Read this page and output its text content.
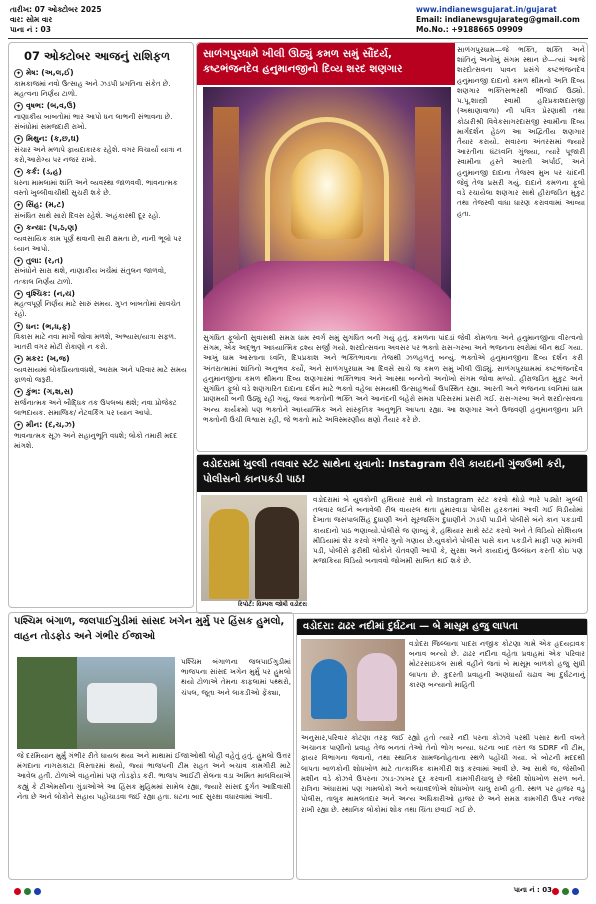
તારીખ: 07 ઓક્ટોબર 2025
વાર: સોમ વાર
પાના નં : 03
www.indianewsgujarat.in/gujarat
Email: indianewsgujarateg@gmail.com
Mo.No.: +9188665 09909
07 ઓક્ટોબર આજનું રાશિફળ
✦ મેષ: (અ,લ,ઈ)
કામકાજમાં નવો ઉત્સાહ અને ઝડપી પ્રગતિના સંકેત છે. મહત્વના નિર્ણય ટાળો.
✦ વૃષભ: (બ,વ,ઉ)
નાણાકીય બાબતોમાં ભાર આપો ધન લાભની સંભાવના છે. સંબંધોમાં સમજદારી રાખો.
✦ મિથુન: (ક,છ,ઘ)
સંચાર અને મળાપે ફાયદાકારક રહેશે. વગર વિચાર્યા યાત્રા ન કરો,આરોગ્ય પર નજર રાખો.
✦ કર્ક: (ડ,હ)
ઘરના મામલામાં શાંતિ અને વ્યવસ્થા જાળવવી. ભાવનાત્મક વસ્તો ખુલ્લીવાચીથી સુચરી શકે છે.
✦ સિંહ: (મ,ટ)
સંબંધિત સાથે સારો દિવસ રહેશે. અહંકારથી દૂર રહો.
✦ કન્યા: (પ,ઠ,ણ)
વ્યવસાયિક કામ પૂર્ણ થવાની સારી ક્ષમતા છે, નાની ભૂલો પર ધ્યાન આપો.
✦ તુલા: (ર,ત)
સંબંધોને સારા થશે, નાણાકીય ખર્ચમાં સંતુલન જાળવો, તત્કાલ નિર્ણય ટાળો.
✦ વૃશ્ચિક: (ન,ય)
મહત્વપૂર્ણ નિર્ણય માટે સારું સમય. ગુપ્ત બાબતોમાં સાવચેત રહો.
✦ ધન: (ભ,ધ,ફ)
વિકાસ માટે નવા માર્ગો જોવા મળશે, અભ્યાસ/યાત્રા સફળ. ખાતરી વગર મોટી રોકાણો ન કરો.
✦ મકર: (ખ,જ)
વ્યવસાયમાં લોકપ્રિયતાવધશે, આરામ અને પરિવાર માટે સમય ફાળવો જરૂરી.
✦ કુંભ: (ગ,શ,સ)
સર્જનાત્મક અને બૌદ્ધિક તક ઉપલબ્ધ થશે; નવા પ્રોજેક્ટ લાભદાયક. સમાજિક/ નેટવર્કિંગ પર ધ્યાન આપો.
✦ મીન: (દ,ચ,ઝ)
ભાવનાત્મક સૂઝ અને સહાનુભૂતિ વધશે; લોકો તમારી મદદ માંગશે.
સાળંગપુરધામે ખીલી ઊઠ્યું કમળ સમું સૌંદર્ય, કષ્ટભંજનદેવ હનુમાનજીનો દિવ્ય શરદ શણગાર
સાળંગપુરધામ—જે ભક્તિ, શક્તિ અને શાંતિનું અનોખું સંગમ સ્થાન છે—ત્યાં આજે શરદોત્સવના પાવન પ્રસંગે કષ્ટભંજનદેવ હનુમાનજી દાદાનો કમળ થીમનો અતિ દિવ્ય શણગાર ભક્તિસભરથી ભીંજાઈ ઉઠ્યો. પ.પૂ.શાસ્ત્રી સ્વામી હરિપ્રકાશદાસજી (અથાણાવાળા) ની પવિત્ર પ્રેરણાથી તથા કોઠારીશ્રી વિવેકસાગરદાસજી સ્વામીના દિવ્ય માર્ગદર્શન હેઠળ આ અદ્વિતીય શણગાર તૈયાર કરાયો. સવારના અંતરસમાં જ્યારે આરતીના ઘંટધ્વનિ ગુંજ્યા, ત્યારે પૂજારી સ્વામીના હસ્તે આરતી અર્પાઈ, અને હનુમાનજી દાદાના તેજસ્વ મુખ પર ચાંદની જેવું તેજ પ્રસરી ગયું. દાદાને કમળના ફૂલો વડે રચાયેલા શણગાર સાથે હીરાજડિત મુકુટ તથા તેજસ્વી વાઘા ધારણ કરાવવામાં આવ્યા હતા.
સુગંધિત ફૂલોની સુવાસથી સમગ્ર ધામ સ્વર્ગ સમું સુગંધિત બની ગયું હતું. કમળના પાંદડાં જેવી કોમળતા અને હનુમાનજીના વીરત્વનો સંગમ, એક અદ્ભુત આધ્યાત્મિક દ્રશ્ય સર્જી ગયો. શરદોત્સવના અવસર પર ભક્તો રાસ-ગરબા અને ભજનના સ્વરોમાં લીન થઈ ગયા. આખું ધામ આસ્તાના ધ્વનિ, દિપપ્રકાશ અને ભક્તિભાવના તેજથી ઝળહળતું બન્યું. ભક્તોએ હનુમાનજીના દિવ્ય દર્શન કરી અંતરાત્મામાં શાંતિનો અનુભવ કર્યો, અને સાળંગપુરધામ આ દિવસે સાચે જ કમળ સમું ખીલી ઊઠ્યું. સાળંગપુરધામમાં કષ્ટભંજનદેવ હનુમાનજીના કમળ થીમના દિવ્ય શણગારમાં ભક્તિભાવ અને આસ્થા બન્નેનો અનોખો સંગમ જોવા મળ્યો. હીરાજડિત મુકુટ અને સુગંધિત ફૂલો વડે શણગારિત દાદાના દર્શન માટે ભક્તો વહેલા સમયથી ઉત્સાહભર્યા ઉપસ્થિત રહ્યા. આરતી અને ભજનના ધ્વનિમાં ધામ પ્રાણમયી બની ઉઠ્યું રહી ગયું, જ્યાં ભક્તોની ભક્તિ અને આનંદની લહેરો સમગ્ર પરિસરમાં પ્રસરી ગઈ. રાસ-ગરબા અને શરદોત્સવના અન્ય કાર્યક્રમો પણ ભક્તોને આધ્યાત્મિક અને સાંસ્કૃતિક અનુભૂતિ આપતા રહ્યા. આ શણગાર અને ઉજવણી હનુમાનજીના પ્રતિ ભક્તોની ઉંચી વિશ્વાસ રહી, જે ભક્તો માટે અવિસ્મરણીય ક્ષણો તૈયાર કરે છે.
વડોદરામાં ખુલ્લી તલવાર સ્ટંટ સાથેના યુવાનો: Instagram રીલે કાયદાની ગુંજઉભી કરી, પોલીસનો કાનપકડી પાઠ!
રિપોર્ટ: વિમ્પલ જોષી વડોદરા
વડોદરામાં બે યુવકોની હથિયાર સાથે નો Instagram સ્ટંટ કરવો થોડો ભારે પડ્યો! ખુલ્લી તલવાર લઈને બનાવેલી રીલ વાયરલ થતા હુમારવાડા પોલીસ હરકતમાં આવી ગઈ વિડીયોમાં દેખાતા જસપાલસિંહ દુધાણી અને સૂરજસિંગ દુધાણીને ઝડપી પાડીને પોલીસે બંને કાન પકડાવી કાયદાનો પાઠ ભણાવ્યો.પોલીસે જ ણાવ્યું કે, હથિયાર સાથે સ્ટંટ કરવો અને તે વિડિયો સોશિયલ મીડિયામાં શેર કરવો ગંભીર ગુનો ગણાય છે.યુવકોને પોલીસ પાસે કાન પકડીને માફી પણ માંગવી પડી, પોલીસે ફરીથી લોકોને ચેતવણી આપી કે, સુરક્ષા અને કાયદાનું ઉલ્લંઘન કરતી કોઇ પણ મજાકિયા વિડિયો બનાવવો જોખમી સાબિત થઈ શકે છે.
પશ્ચિમ બંગાળ, જલપાઈગુડીમાં સાંસદ ખગેન મુર્મુ પર હિંસક હુમલો, વાહન તોડફોડ અને ગંભીર ઈજાઓ
પશ્ચિમ બંગાળના જલપાઈગુડીમાં ભાજપના સાંસદ ખગેન મુર્મુ પર હુમલો થયો ટોળાએ તેમના કાફલામાં પથ્થરો, ચંપલ, જૂતા અને લાકડીઓ ફેંક્યા,
જે દરમિયાન મુર્મુ ગંભીર રીતે ઘાયલ થયા અને માથામાં ઈજાઓથી લોહી વહેતું હતું. હુમલો ઉત્તર મંગદાના નાગરાકાટા વિસ્તારમાં થયો, જ્યાં ભાજપની ટીમ રાહત અને બચાવ કામગીરી માટે આવેલ હતી. ટોળાએ વાહનોમાં પણ તોડફોડ કરી. ભાજપ આઈટી સેલના વડા અમિત માલવિયાએ કહ્યું કે ટીએમસીના ગુંડાઓએ આ હિંસક મુહિમમાં સામેલ રહ્યા, જ્યારે સાંસદ દુર્ગત આદિવાસી નેતા છે અને લોકોને સહાય પહોંચાડવા જઈ રહ્યા હતા. ઘટના બાદ સુરક્ષા વધારવામાં આવી.
વડોદરા: ઢાઢર નદીમાં દુર્ઘટના — બે માસૂમ હજુ લાપતા
વડોદરા જિલ્લાના પાદરા નજીક કોટણા ગામે એક હૃદયદ્રાવક બનાવ બન્યો છે. ઢાઢર નદીના વહેતા પ્રવાહમાં એક પરિવાર મોટરસાઇકલ સાથે વહીને જતાં બે માસૂમ બાળકો હજુ સુધી લાપતા છે. કુદરતી પ્રવાહની અણધાર્યા ચઢાવ આ દુર્ઘટનાનું કારણ બન્યાનો માહિતી
અનુસાર,પરિવાર કોટણા તરફ જઈ રહ્યો હતો ત્યારે નદી પરના કોઝવે પરથી પસાર થતી વખતે અચાનક પાણીનો પ્રવાહ તેજ બનતાં તેઓ તેનો ભોગ બન્યા. ઘટના બાદ તરત જ SDRF ની ટીમ, ફાયર વિભાગના જવાનો, તથા સ્થાનિક ગ્રામજનોહતાના સ્થળે પહોંચી ગયા. બે બોટની મદદથી લાપતા બાળકોની શોધખોળ માટે તાત્કાલિક કામગીરી શરૂ કરવામાં આવી છે. આ સાથે જ, જેસીબી મશીન વડે કોઝવે ઉપરના ઝાડ-ઝાખર દૂર કરવાની કામગીરીચાલુ છે જેથી શોધખોળ સરળ બને. રાત્રિના અંધારામાં પણ ગામલોકો અને બચાવદળોએ શોધખોળ ચાલુ રાખી હતી. સ્થળ પર હાજર વડુ પોલીસ, તાલુક મામલતદાર અને અન્ય અધિકારીઓ હાજર છે અને સમગ્ર કામગીરી ઉપર નજર રાખી રહ્યા છે. સ્થાનિક લોકોમાં શોક તથા ચિંતા છવાઈ ગઈ છે.
પાના નં : 03
